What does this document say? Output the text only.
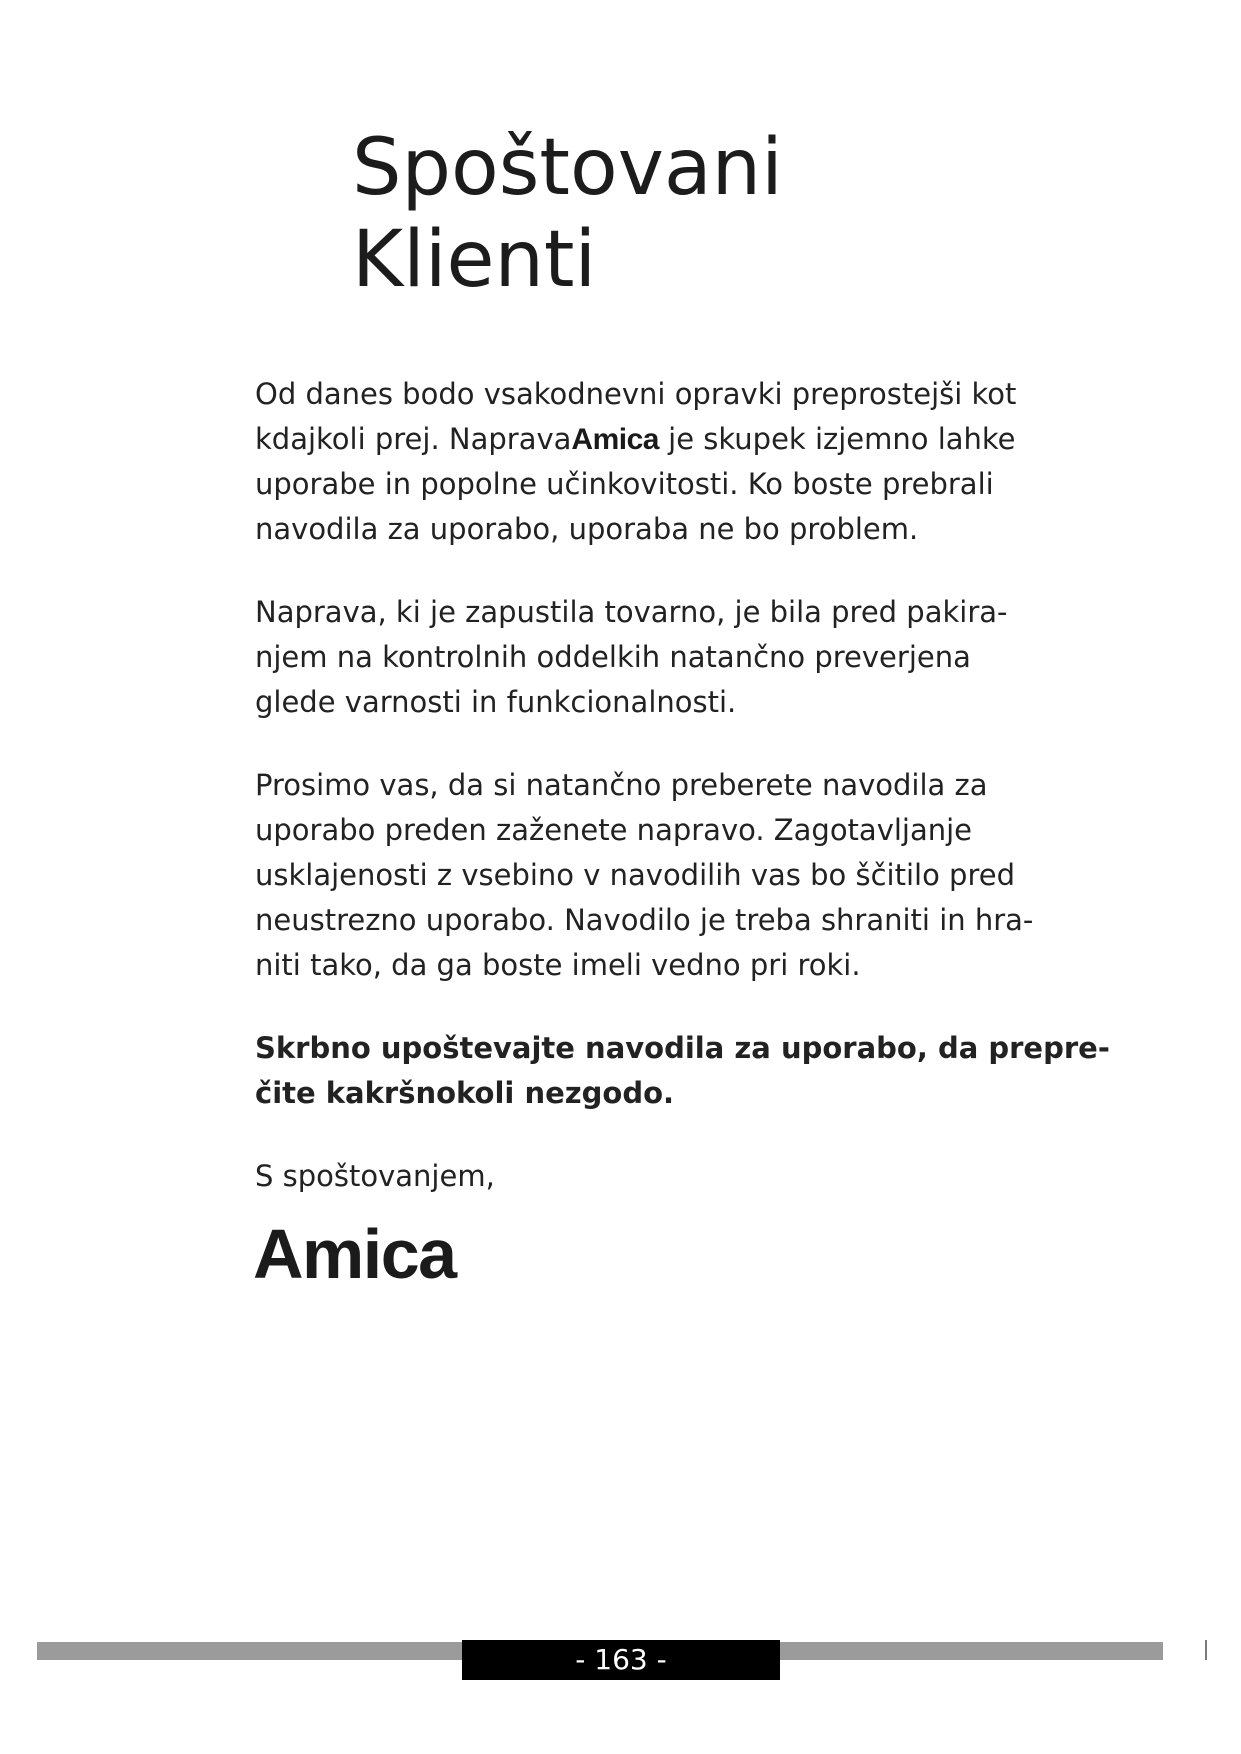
Spoštovani
Klienti

Od danes bodo vsakodnevni opravki preprostejši kot
kdajkoli prej. NapravaAmica je skupek izjemno lahke
uporabe in popolne učinkovitosti. Ko boste prebrali
navodila za uporabo, uporaba ne bo problem.

Naprava, ki je zapustila tovarno, je bila pred pakira-
njem na kontrolnih oddelkih natančno preverjena
glede varnosti in funkcionalnosti.

Prosimo vas, da si natančno preberete navodila za
uporabo preden zaženete napravo. Zagotavljanje
usklajenosti z vsebino v navodilih vas bo ščitilo pred
neustrezno uporabo. Navodilo je treba shraniti in hra-
niti tako, da ga boste imeli vedno pri roki.

Skrbno upoštevajte navodila za uporabo, da prepre-
čite kakršnokoli nezgodo.

S spoštovanjem,

Amica
- 163 -
